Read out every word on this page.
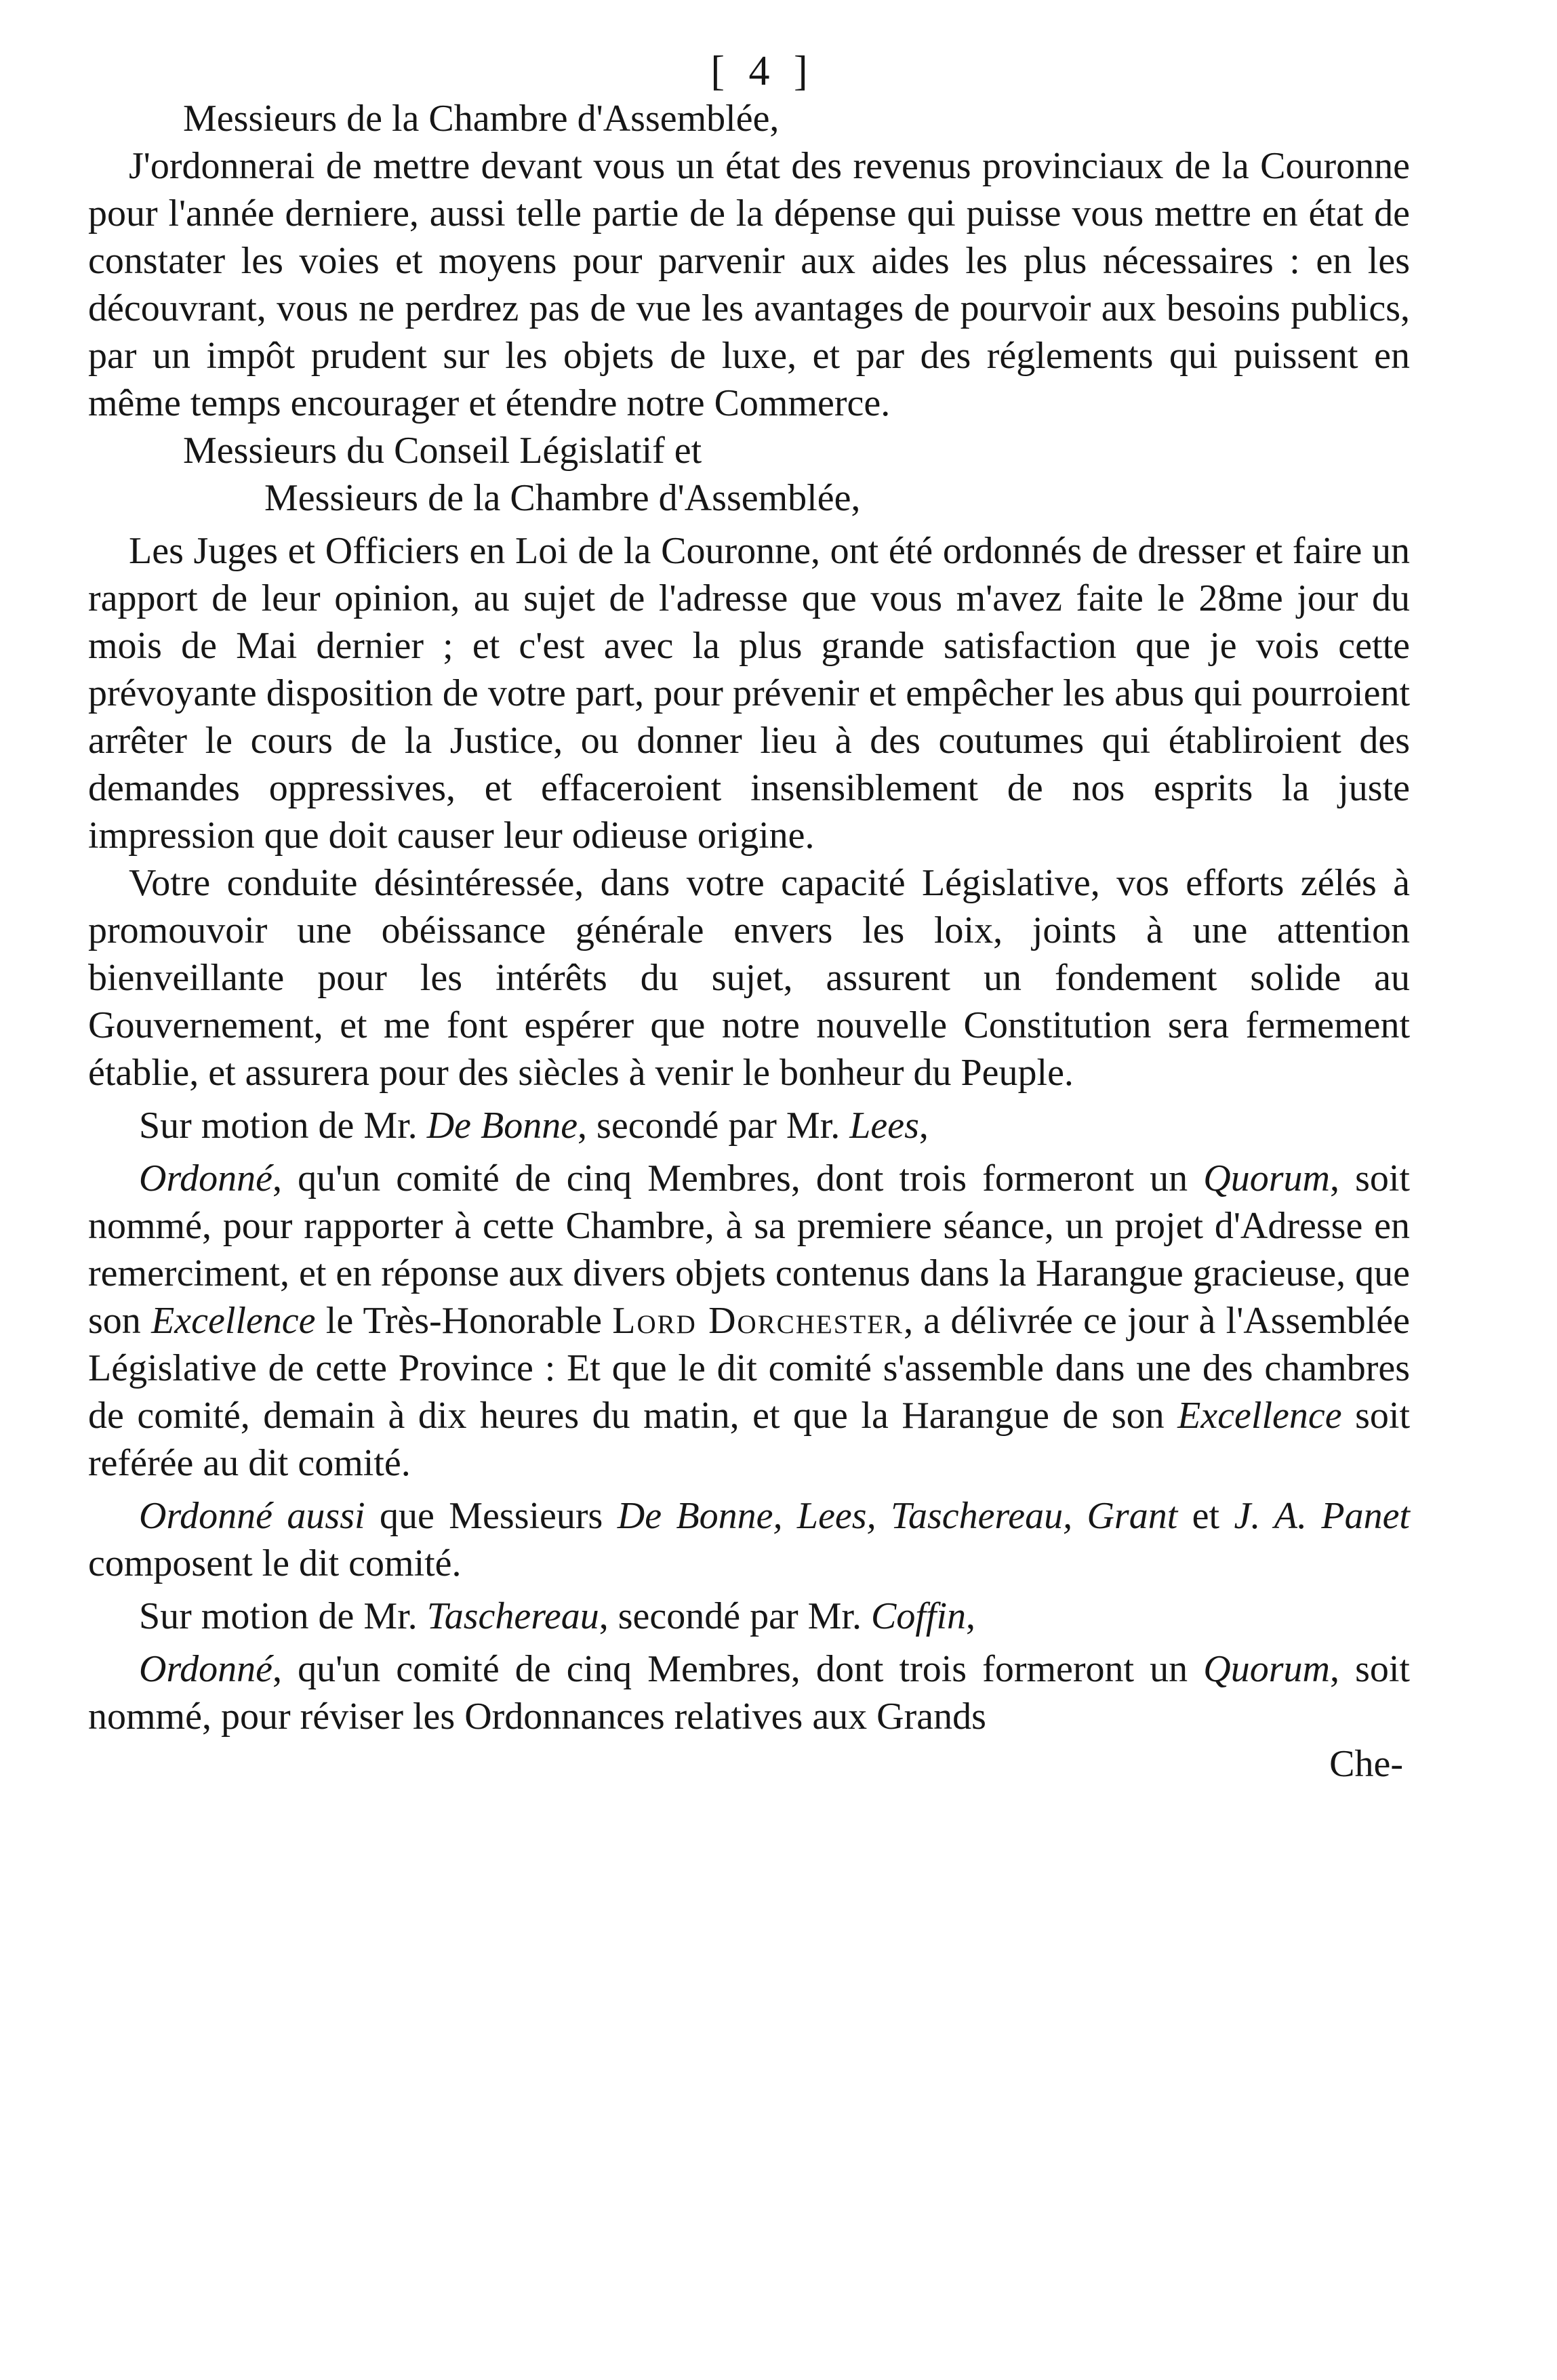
[ 4 ]

Messieurs de la Chambre d'Assemblée,

J'ordonnerai de mettre devant vous un état des revenus provinciaux de la Couronne pour l'année derniere, aussi telle partie de la dépense qui puisse vous mettre en état de constater les voies et moyens pour parvenir aux aides les plus nécessaires : en les découvrant, vous ne perdrez pas de vue les avantages de pourvoir aux besoins publics, par un impôt prudent sur les objets de luxe, et par des réglements qui puissent en même temps encourager et étendre notre Commerce.

Messieurs du Conseil Législatif et

Messieurs de la Chambre d'Assemblée,

Les Juges et Officiers en Loi de la Couronne, ont été ordonnés de dresser et faire un rapport de leur opinion, au sujet de l'adresse que vous m'avez faite le 28me jour du mois de Mai dernier ; et c'est avec la plus grande satisfaction que je vois cette prévoyante disposition de votre part, pour prévenir et empêcher les abus qui pourroient arrêter le cours de la Justice, ou donner lieu à des coutumes qui établiroient des demandes oppressives, et effaceroient insensiblement de nos esprits la juste impression que doit causer leur odieuse origine.

Votre conduite désintéressée, dans votre capacité Législative, vos efforts zélés à promouvoir une obéissance générale envers les loix, joints à une attention bienveillante pour les intérêts du sujet, assurent un fondement solide au Gouvernement, et me font espérer que notre nouvelle Constitution sera fermement établie, et assurera pour des siècles à venir le bonheur du Peuple.

Sur motion de Mr. De Bonne, secondé par Mr. Lees,

Ordonné, qu'un comité de cinq Membres, dont trois formeront un Quorum, soit nommé, pour rapporter à cette Chambre, à sa premiere séance, un projet d'Adresse en remerciment, et en réponse aux divers objets contenus dans la Harangue gracieuse, que son Excellence le Très-Honorable Lord Dorchester, a délivrée ce jour à l'Assemblée Législative de cette Province : Et que le dit comité s'assemble dans une des chambres de comité, demain à dix heures du matin, et que la Harangue de son Excellence soit reférée au dit comité.

Ordonné aussi que Messieurs De Bonne, Lees, Taschereau, Grant et J. A. Panet composent le dit comité.

Sur motion de Mr. Taschereau, secondé par Mr. Coffin,

Ordonné, qu'un comité de cinq Membres, dont trois formeront un Quorum, soit nommé, pour réviser les Ordonnances relatives aux Grands

Che-
